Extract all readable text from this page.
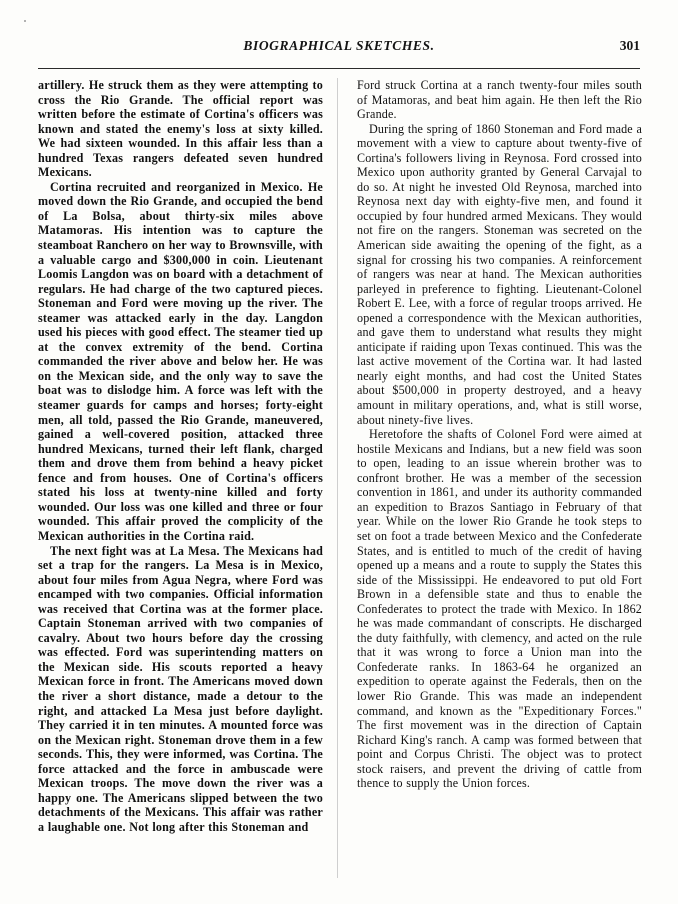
BIOGRAPHICAL SKETCHES.	301

artillery. He struck them as they were attempting to cross the Rio Grande. The official report was written before the estimate of Cortina's officers was known and stated the enemy's loss at sixty killed. We had sixteen wounded. In this affair less than a hundred Texas rangers defeated seven hundred Mexicans.

Cortina recruited and reorganized in Mexico. He moved down the Rio Grande, and occupied the bend of La Bolsa, about thirty-six miles above Matamoras. His intention was to capture the steamboat Ranchero on her way to Brownsville, with a valuable cargo and $300,000 in coin. Lieutenant Loomis Langdon was on board with a detachment of regulars. He had charge of the two captured pieces. Stoneman and Ford were moving up the river. The steamer was attacked early in the day. Langdon used his pieces with good effect. The steamer tied up at the convex extremity of the bend. Cortina commanded the river above and below her. He was on the Mexican side, and the only way to save the boat was to dislodge him. A force was left with the steamer guards for camps and horses; forty-eight men, all told, passed the Rio Grande, maneuvered, gained a well-covered position, attacked three hundred Mexicans, turned their left flank, charged them and drove them from behind a heavy picket fence and from houses. One of Cortina's officers stated his loss at twenty-nine killed and forty wounded. Our loss was one killed and three or four wounded. This affair proved the complicity of the Mexican authorities in the Cortina raid.

The next fight was at La Mesa. The Mexicans had set a trap for the rangers. La Mesa is in Mexico, about four miles from Agua Negra, where Ford was encamped with two companies. Official information was received that Cortina was at the former place. Captain Stoneman arrived with two companies of cavalry. About two hours before day the crossing was effected. Ford was superintending matters on the Mexican side. His scouts reported a heavy Mexican force in front. The Americans moved down the river a short distance, made a detour to the right, and attacked La Mesa just before daylight. They carried it in ten minutes. A mounted force was on the Mexican right. Stoneman drove them in a few seconds. This, they were informed, was Cortina. The force attacked and the force in ambuscade were Mexican troops. The move down the river was a happy one. The Americans slipped between the two detachments of the Mexicans. This affair was rather a laughable one. Not long after this Stoneman and

Ford struck Cortina at a ranch twenty-four miles south of Matamoras, and beat him again. He then left the Rio Grande.

During the spring of 1860 Stoneman and Ford made a movement with a view to capture about twenty-five of Cortina's followers living in Reynosa. Ford crossed into Mexico upon authority granted by General Carvajal to do so. At night he invested Old Reynosa, marched into Reynosa next day with eighty-five men, and found it occupied by four hundred armed Mexicans. They would not fire on the rangers. Stoneman was secreted on the American side awaiting the opening of the fight, as a signal for crossing his two companies. A reinforcement of rangers was near at hand. The Mexican authorities parleyed in preference to fighting. Lieutenant-Colonel Robert E. Lee, with a force of regular troops arrived. He opened a correspondence with the Mexican authorities, and gave them to understand what results they might anticipate if raiding upon Texas continued. This was the last active movement of the Cortina war. It had lasted nearly eight months, and had cost the United States about $500,000 in property destroyed, and a heavy amount in military operations, and, what is still worse, about ninety-five lives.

Heretofore the shafts of Colonel Ford were aimed at hostile Mexicans and Indians, but a new field was soon to open, leading to an issue wherein brother was to confront brother. He was a member of the secession convention in 1861, and under its authority commanded an expedition to Brazos Santiago in February of that year. While on the lower Rio Grande he took steps to set on foot a trade between Mexico and the Confederate States, and is entitled to much of the credit of having opened up a means and a route to supply the States this side of the Mississippi. He endeavored to put old Fort Brown in a defensible state and thus to enable the Confederates to protect the trade with Mexico. In 1862 he was made commandant of conscripts. He discharged the duty faithfully, with clemency, and acted on the rule that it was wrong to force a Union man into the Confederate ranks. In 1863-64 he organized an expedition to operate against the Federals, then on the lower Rio Grande. This was made an independent command, and known as the "Expeditionary Forces." The first movement was in the direction of Captain Richard King's ranch. A camp was formed between that point and Corpus Christi. The object was to protect stock raisers, and prevent the driving of cattle from thence to supply the Union forces.
